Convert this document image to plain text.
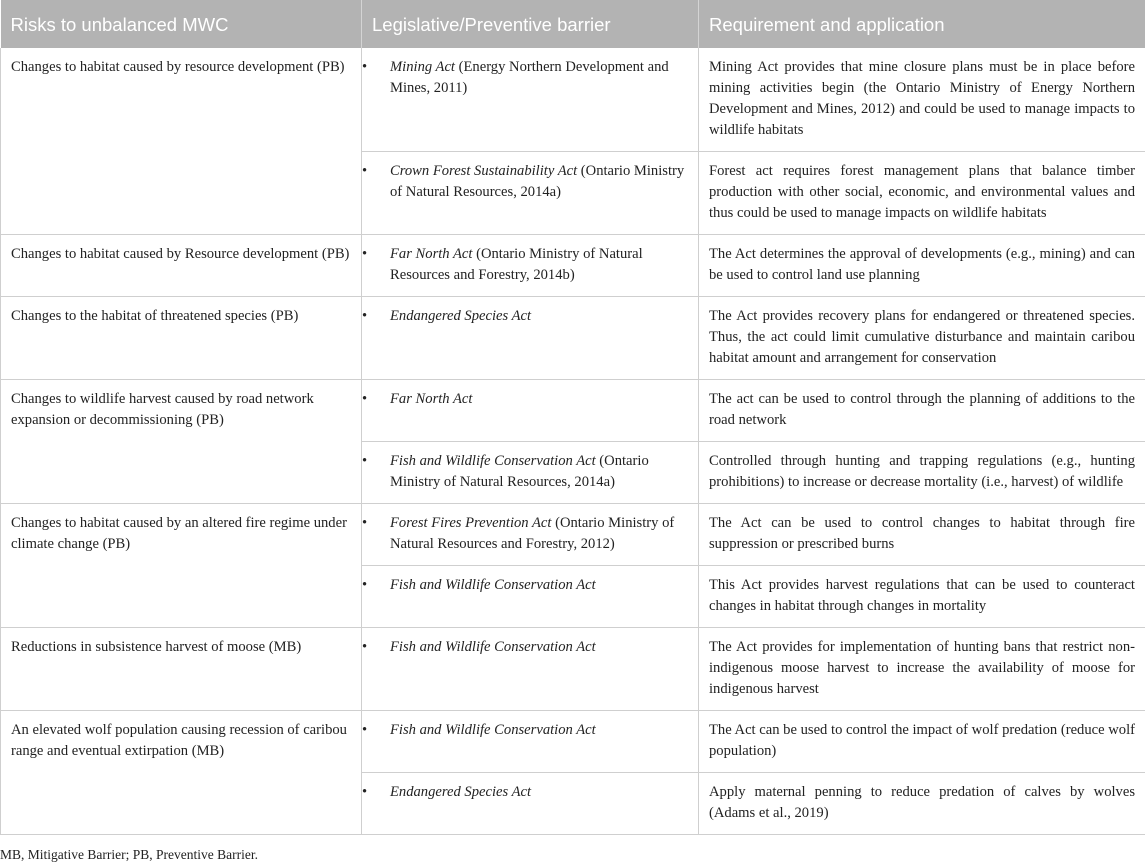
Risks to unbalanced MWC	Legislative/Preventive barrier	Requirement and application
Changes to habitat caused by resource development (PB)	• Mining Act (Energy Northern Development and Mines, 2011)	Mining Act provides that mine closure plans must be in place before mining activities begin (the Ontario Ministry of Energy Northern Development and Mines, 2012) and could be used to manage impacts to wildlife habitats

	• Crown Forest Sustainability Act (Ontario Ministry of Natural Resources, 2014a)	Forest act requires forest management plans that balance timber production with other social, economic, and environmental values and thus could be used to manage impacts on wildlife habitats
Changes to habitat caused by Resource development (PB)	• Far North Act (Ontario Ministry of Natural Resources and Forestry, 2014b)	The Act determines the approval of developments (e.g., mining) and can be used to control land use planning
Changes to the habitat of threatened species (PB)	• Endangered Species Act	The Act provides recovery plans for endangered or threatened species. Thus, the act could limit cumulative disturbance and maintain caribou habitat amount and arrangement for conservation
Changes to wildlife harvest caused by road network expansion or decommissioning (PB)	• Far North Act	The act can be used to control through the planning of additions to the road network

	• Fish and Wildlife Conservation Act (Ontario Ministry of Natural Resources, 2014a)	Controlled through hunting and trapping regulations (e.g., hunting prohibitions) to increase or decrease mortality (i.e., harvest) of wildlife
Changes to habitat caused by an altered fire regime under climate change (PB)	• Forest Fires Prevention Act (Ontario Ministry of Natural Resources and Forestry, 2012)	The Act can be used to control changes to habitat through fire suppression or prescribed burns

	• Fish and Wildlife Conservation Act	This Act provides harvest regulations that can be used to counteract changes in habitat through changes in mortality
Reductions in subsistence harvest of moose (MB)	• Fish and Wildlife Conservation Act	The Act provides for implementation of hunting bans that restrict non-indigenous moose harvest to increase the availability of moose for indigenous harvest
An elevated wolf population causing recession of caribou range and eventual extirpation (MB)	• Fish and Wildlife Conservation Act	The Act can be used to control the impact of wolf predation (reduce wolf population)

	• Endangered Species Act	Apply maternal penning to reduce predation of calves by wolves (Adams et al., 2019)
MB, Mitigative Barrier; PB, Preventive Barrier.
